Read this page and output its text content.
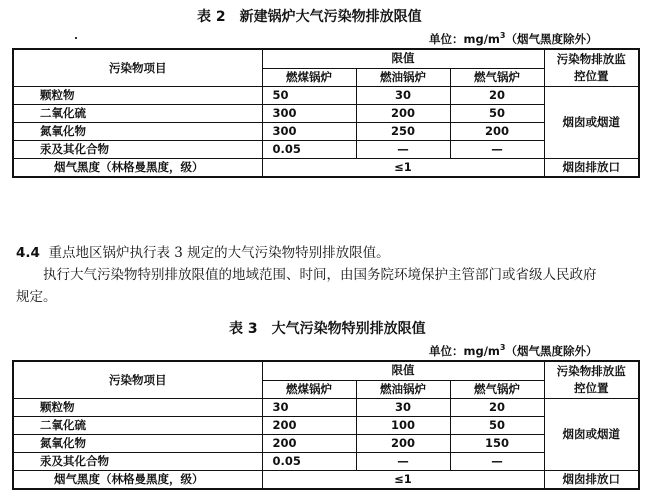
表 2　新建锅炉大气污染物排放限值
单位：$mg/m^3$（烟气黑度除外）
污染物项目	限值			污染物排放监控位置
	燃煤锅炉	燃油锅炉	燃气锅炉	
颗粒物	50	30	20	烟囱或烟道
二氧化硫	300	200	50	
氮氧化物	300	250	200	
汞及其化合物	0.05	—	—	
烟气黑度（林格曼黑度，级）	≤1			烟囱排放口
4.4 重点地区锅炉执行表 3 规定的大气污染物特别排放限值。
执行大气污染物特别排放限值的地域范围、时间，由国务院环境保护主管部门或省级人民政府
规定。
表 3　大气污染物特别排放限值
单位：$mg/m^3$（烟气黑度除外）
污染物项目	限值			污染物排放监控位置
	燃煤锅炉	燃油锅炉	燃气锅炉	
颗粒物	30	30	20	烟囱或烟道
二氧化硫	200	100	50	
氮氧化物	200	200	150	
汞及其化合物	0.05	—	—	
烟气黑度（林格曼黑度，级）	≤1			烟囱排放口
